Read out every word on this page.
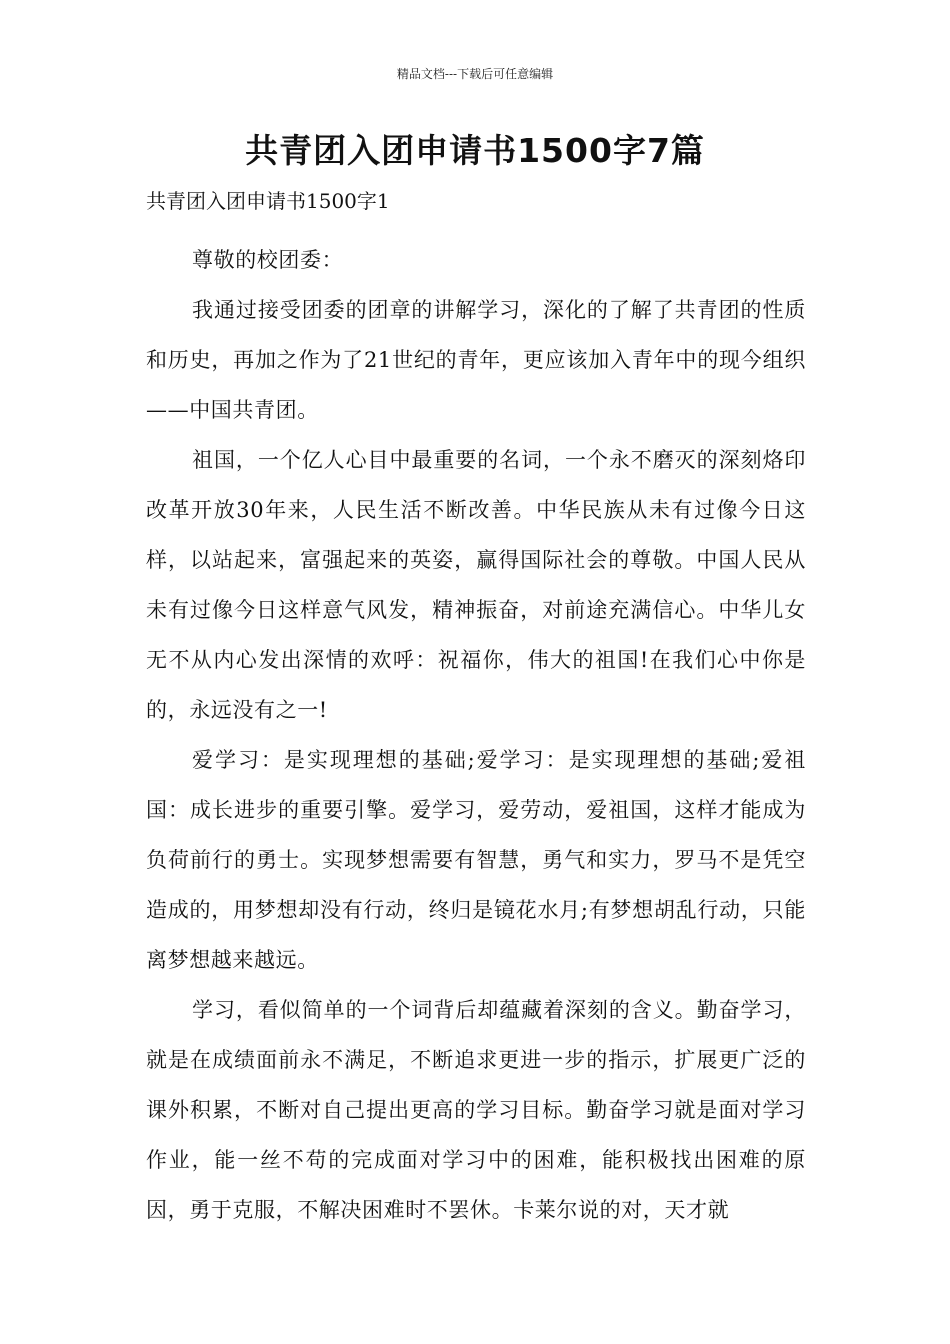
精品文档---下载后可任意编辑
共青团入团申请书1500字7篇
共青团入团申请书1500字1

尊敬的校团委：

我通过接受团委的团章的讲解学习，深化的了解了共青团的性质和历史，再加之作为了21世纪的青年，更应该加入青年中的现今组织——中国共青团。

祖国，一个亿人心目中最重要的名词，一个永不磨灭的深刻烙印改革开放30年来，人民生活不断改善。中华民族从未有过像今日这样，以站起来，富强起来的英姿，赢得国际社会的尊敬。中国人民从未有过像今日这样意气风发，精神振奋，对前途充满信心。中华儿女无不从内心发出深情的欢呼：祝福你，伟大的祖国!在我们心中你是的，永远没有之一!

爱学习：是实现理想的基础;爱学习：是实现理想的基础;爱祖国：成长进步的重要引擎。爱学习，爱劳动，爱祖国，这样才能成为负荷前行的勇士。实现梦想需要有智慧，勇气和实力，罗马不是凭空造成的，用梦想却没有行动，终归是镜花水月;有梦想胡乱行动，只能离梦想越来越远。

学习，看似简单的一个词背后却蕴藏着深刻的含义。勤奋学习，就是在成绩面前永不满足，不断追求更进一步的指示，扩展更广泛的课外积累，不断对自己提出更高的学习目标。勤奋学习就是面对学习作业，能一丝不苟的完成面对学习中的困难，能积极找出困难的原因，勇于克服，不解决困难时不罢休。卡莱尔说的对，天才就
